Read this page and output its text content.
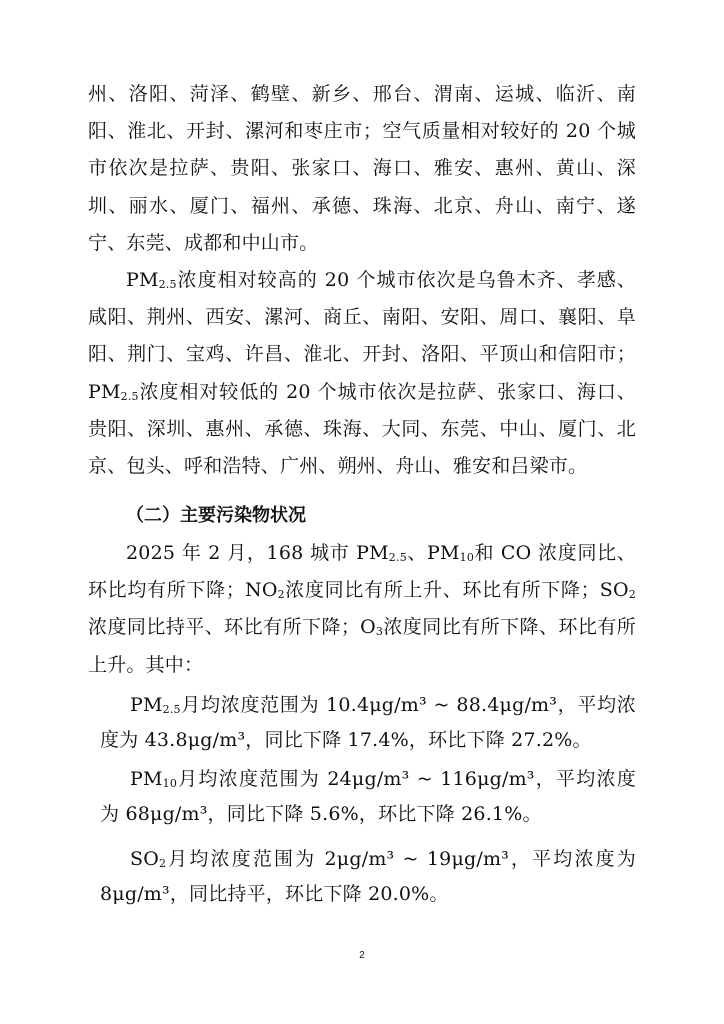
州、洛阳、菏泽、鹤壁、新乡、邢台、渭南、运城、临沂、南阳、淮北、开封、漯河和枣庄市；空气质量相对较好的 20 个城市依次是拉萨、贵阳、张家口、海口、雅安、惠州、黄山、深圳、丽水、厦门、福州、承德、珠海、北京、舟山、南宁、遂宁、东莞、成都和中山市。
$PM_{2.5}$浓度相对较高的 20 个城市依次是乌鲁木齐、孝感、咸阳、荆州、西安、漯河、商丘、南阳、安阳、周口、襄阳、阜阳、荆门、宝鸡、许昌、淮北、开封、洛阳、平顶山和信阳市；$PM_{2.5}$浓度相对较低的 20 个城市依次是拉萨、张家口、海口、贵阳、深圳、惠州、承德、珠海、大同、东莞、中山、厦门、北京、包头、呼和浩特、广州、朔州、舟山、雅安和吕梁市。
（二）主要污染物状况
2025 年 2 月，168 城市 $PM_{2.5}$、$PM_{10}$和 CO 浓度同比、环比均有所下降；$NO_2$浓度同比有所上升、环比有所下降；$SO_2$浓度同比持平、环比有所下降；$O_3$浓度同比有所下降、环比有所上升。其中：
$PM_{2.5}$月均浓度范围为 10.4μg/m³ ~ 88.4μg/m³，平均浓度为 43.8μg/m³，同比下降 17.4%，环比下降 27.2%。
$PM_{10}$月均浓度范围为 24μg/m³ ~ 116μg/m³，平均浓度为 68μg/m³，同比下降 5.6%，环比下降 26.1%。
$SO_2$月均浓度范围为 2μg/m³ ~ 19μg/m³，平均浓度为 8μg/m³，同比持平，环比下降 20.0%。
2
